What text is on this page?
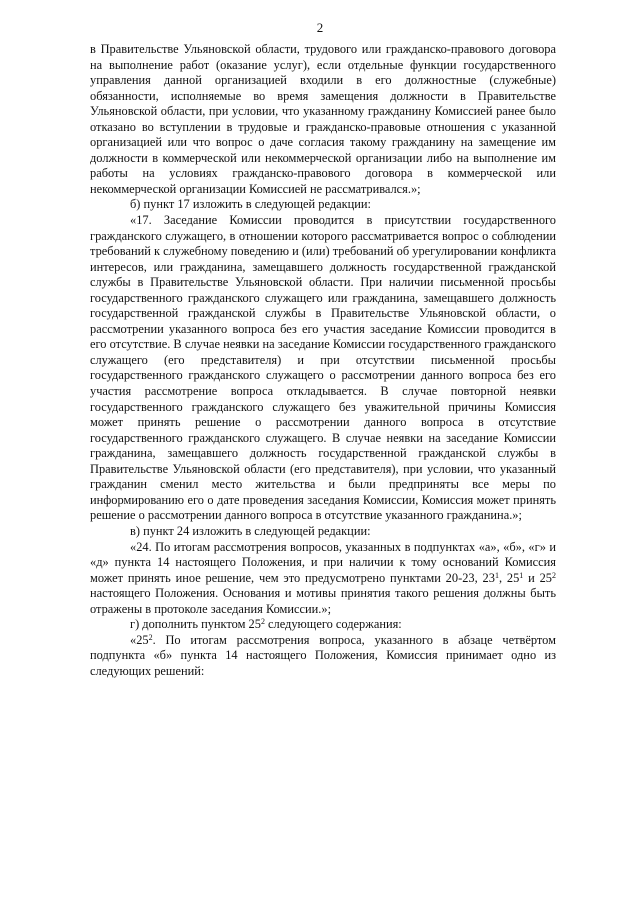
2

в Правительстве Ульяновской области, трудового или гражданско-правового договора на выполнение работ (оказание услуг), если отдельные функции государственного управления данной организацией входили в его должностные (служебные) обязанности, исполняемые во время замещения должности в Правительстве Ульяновской области, при условии, что указанному гражданину Комиссией ранее было отказано во вступлении в трудовые и гражданско-правовые отношения с указанной организацией или что вопрос о даче согласия такому гражданину на замещение им должности в коммерческой или некоммерческой организации либо на выполнение им работы на условиях гражданско-правового договора в коммерческой или некоммерческой организации Комиссией не рассматривался.»;

б) пункт 17 изложить в следующей редакции:

«17. Заседание Комиссии проводится в присутствии государственного гражданского служащего, в отношении которого рассматривается вопрос о соблюдении требований к служебному поведению и (или) требований об урегулировании конфликта интересов, или гражданина, замещавшего должность государственной гражданской службы в Правительстве Ульяновской области. При наличии письменной просьбы государственного гражданского служащего или гражданина, замещавшего должность государственной гражданской службы в Правительстве Ульяновской области, о рассмотрении указанного вопроса без его участия заседание Комиссии проводится в его отсутствие. В случае неявки на заседание Комиссии государственного гражданского служащего (его представителя) и при отсутствии письменной просьбы государственного гражданского служащего о рассмотрении данного вопроса без его участия рассмотрение вопроса откладывается. В случае повторной неявки государственного гражданского служащего без уважительной причины Комиссия может принять решение о рассмотрении данного вопроса в отсутствие государственного гражданского служащего. В случае неявки на заседание Комиссии гражданина, замещавшего должность государственной гражданской службы в Правительстве Ульяновской области (его представителя), при условии, что указанный гражданин сменил место жительства и были предприняты все меры по информированию его о дате проведения заседания Комиссии, Комиссия может принять решение о рассмотрении данного вопроса в отсутствие указанного гражданина.»;

в) пункт 24 изложить в следующей редакции:

«24. По итогам рассмотрения вопросов, указанных в подпунктах «а», «б», «г» и «д» пункта 14 настоящего Положения, и при наличии к тому оснований Комиссия может принять иное решение, чем это предусмотрено пунктами 20-23, $23^1$, $25^1$ и $25^2$ настоящего Положения. Основания и мотивы принятия такого решения должны быть отражены в протоколе заседания Комиссии.»;

г) дополнить пунктом $25^2$ следующего содержания:

«$25^2$. По итогам рассмотрения вопроса, указанного в абзаце четвёртом подпункта «б» пункта 14 настоящего Положения, Комиссия принимает одно из следующих решений:
